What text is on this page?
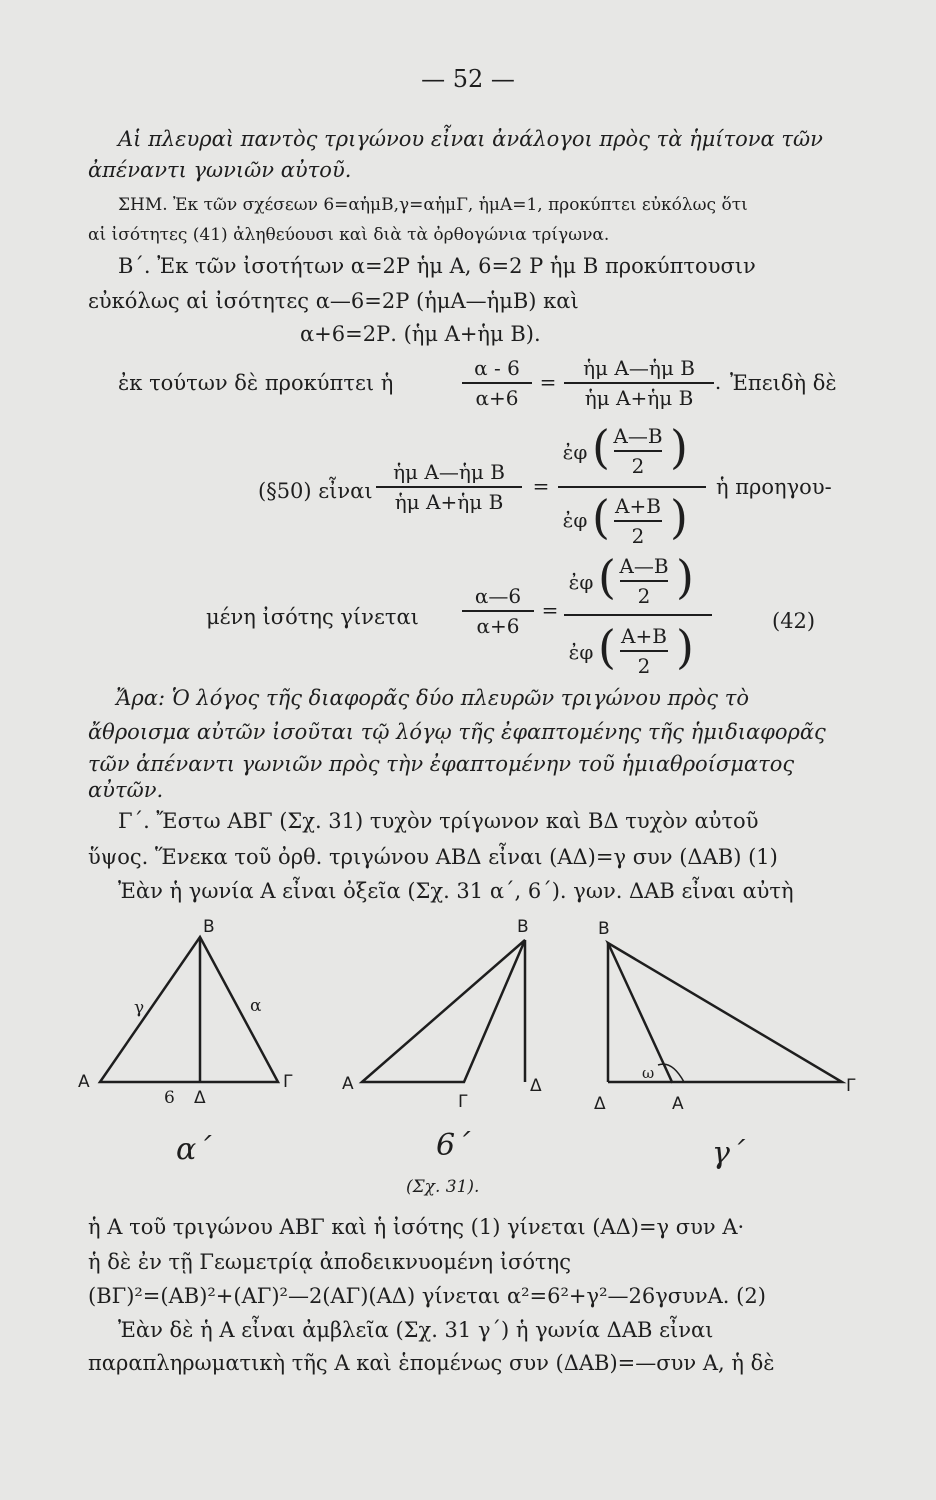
— 52 —
Αἱ πλευραὶ παντὸς τριγώνου εἶναι ἀνάλογοι πρὸς τὰ ἡμίτονα τῶν
ἀπέναντι γωνιῶν αὐτοῦ.
ΣΗΜ. Ἐκ τῶν σχέσεων 6=αἡμΒ,γ=αἡμΓ, ἡμΑ=1, προκύπτει εὐκόλως ὅτι
αἱ ἰσότητες (41) ἀληθεύουσι καὶ διὰ τὰ ὀρθογώνια τρίγωνα.
Β΄. Ἐκ τῶν ἰσοτήτων α=2Ρ ἡμ Α, 6=2 Ρ ἡμ Β προκύπτουσιν
εὐκόλως αἱ ἰσότητες α—6=2Ρ (ἡμΑ—ἡμΒ) καὶ
α+6=2Ρ. (ἡμ Α+ἡμ Β).
ἐκ τούτων δὲ προκύπτει ἡ
α - 6
α+6
=
ἡμ Α—ἡμ Β
ἡμ Α+ἡμ Β
. Ἐπειδὴ δὲ
(§50) εἶναι
ἡμ Α—ἡμ Β
ἡμ Α+ἡμ Β
=
ἐφ ( Α—Β
2 )
ἐφ ( Α+Β
2 )
ἡ προηγου-
μένη ἰσότης γίνεται
α—6
α+6
=
ἐφ ( Α—Β
2 )
ἐφ ( Α+Β
2 )	(42)
Ἄρα: Ὁ λόγος τῆς διαφορᾶς δύο πλευρῶν τριγώνου πρὸς τὸ
ἄθροισμα αὐτῶν ἰσοῦται τῷ λόγῳ τῆς ἐφαπτομένης τῆς ἡμιδιαφορᾶς
τῶν ἀπέναντι γωνιῶν πρὸς τὴν ἐφαπτομένην τοῦ ἡμιαθροίσματος
αὐτῶν.
Γ΄. Ἔστω ΑΒΓ (Σχ. 31) τυχὸν τρίγωνον καὶ ΒΔ τυχὸν αὐτοῦ
ὕψος. Ἕνεκα τοῦ ὀρθ. τριγώνου ΑΒΔ εἶναι (ΑΔ)=γ συν (ΔΑΒ) (1)
Ἐὰν ἡ γωνία Α εἶναι ὀξεῖα (Σχ. 31 α΄, 6΄). γων. ΔΑΒ εἶναι αὐτὴ
Β
Α	Γ
Δ
γ	α
6
α΄
Β
Α
Γ
Δ
6΄
Β
Α
Γ
Δ
ω
γ΄
(Σχ. 31).
ἡ Α τοῦ τριγώνου ΑΒΓ καὶ ἡ ἰσότης (1) γίνεται (ΑΔ)=γ συν Α·
ἡ δὲ ἐν τῇ Γεωμετρίᾳ ἀποδεικνυομένη ἰσότης
(ΒΓ)²=(ΑΒ)²+(ΑΓ)²—2(ΑΓ)(ΑΔ) γίνεται α²=6²+γ²—26γσυνΑ. (2)
Ἐὰν δὲ ἡ Α εἶναι ἀμβλεῖα (Σχ. 31 γ΄) ἡ γωνία ΔΑΒ εἶναι
παραπληρωματικὴ τῆς Α καὶ ἑπομένως συν (ΔΑΒ)=—συν Α, ἡ δὲ
